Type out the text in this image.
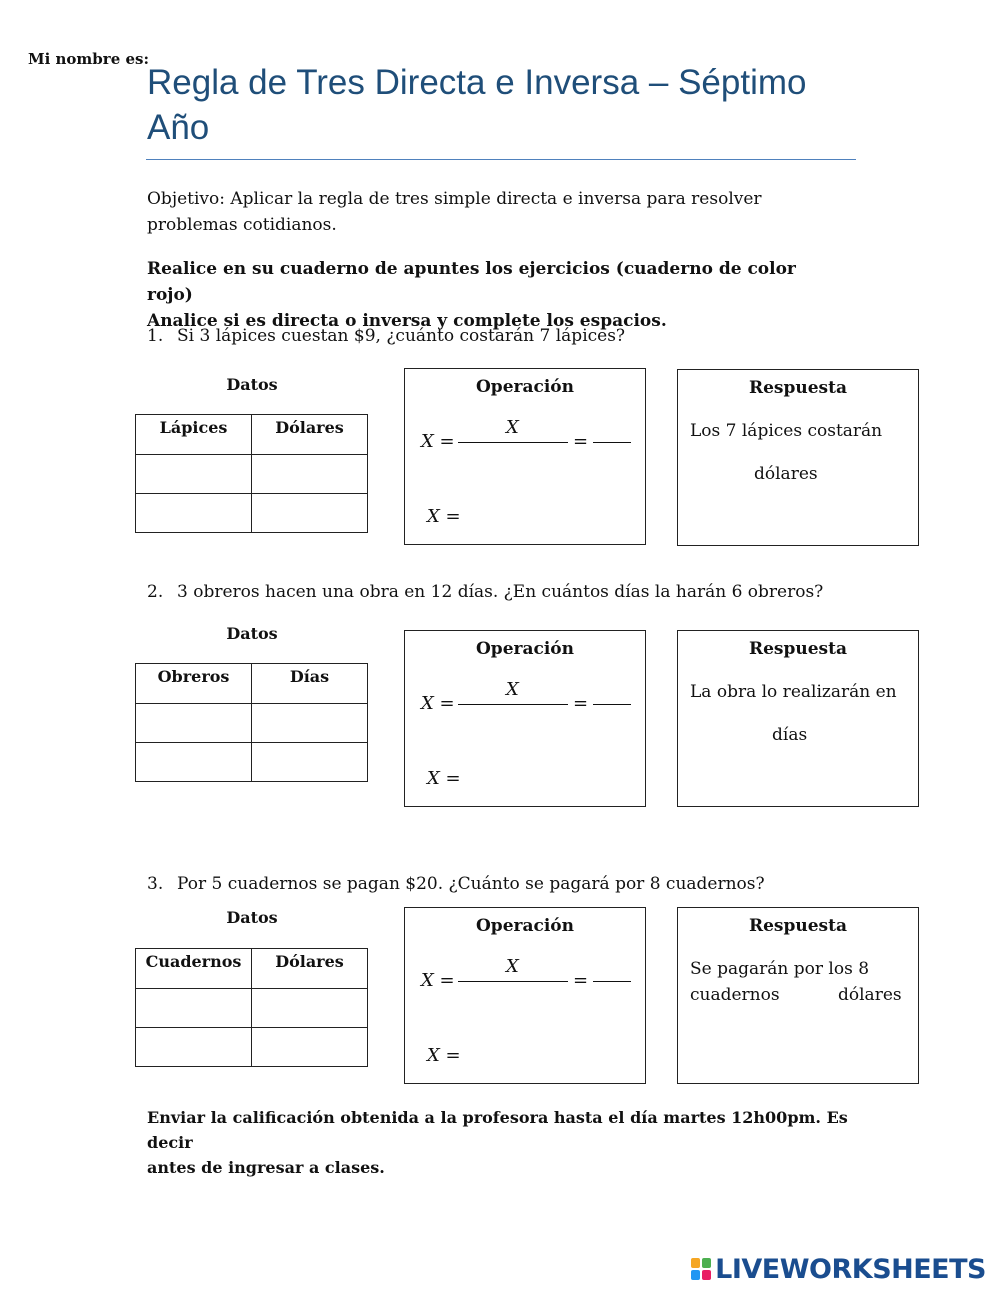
Mi nombre es:
Regla de Tres Directa e Inversa – Séptimo
Año
Objetivo: Aplicar la regla de tres simple directa e inversa para resolver problemas cotidianos.
Realice en su cuaderno de apuntes los ejercicios (cuaderno de color rojo)
Analice si es directa o inversa y complete los espacios.
1. Si 3 lápices cuestan $9, ¿cuánto costarán 7 lápices?
Datos
Lápices	Dólares

Operación
X =
X
=
X =
Respuesta
Los 7 lápices costarán
dólares
2. 3 obreros hacen una obra en 12 días. ¿En cuántos días la harán 6 obreros?
Datos
Obreros	Días

Operación
X =
X
=
X =
Respuesta
La obra lo realizarán en
días
3. Por 5 cuadernos se pagan $20. ¿Cuánto se pagará por 8 cuadernos?
Datos
Cuadernos	Dólares

Operación
X =
X
=
X =
Respuesta
Se pagarán por los 8
cuadernos	dólares
Enviar la calificación obtenida a la profesora hasta el día martes 12h00pm. Es decir
antes de ingresar a clases.
LIVEWORKSHEETS
